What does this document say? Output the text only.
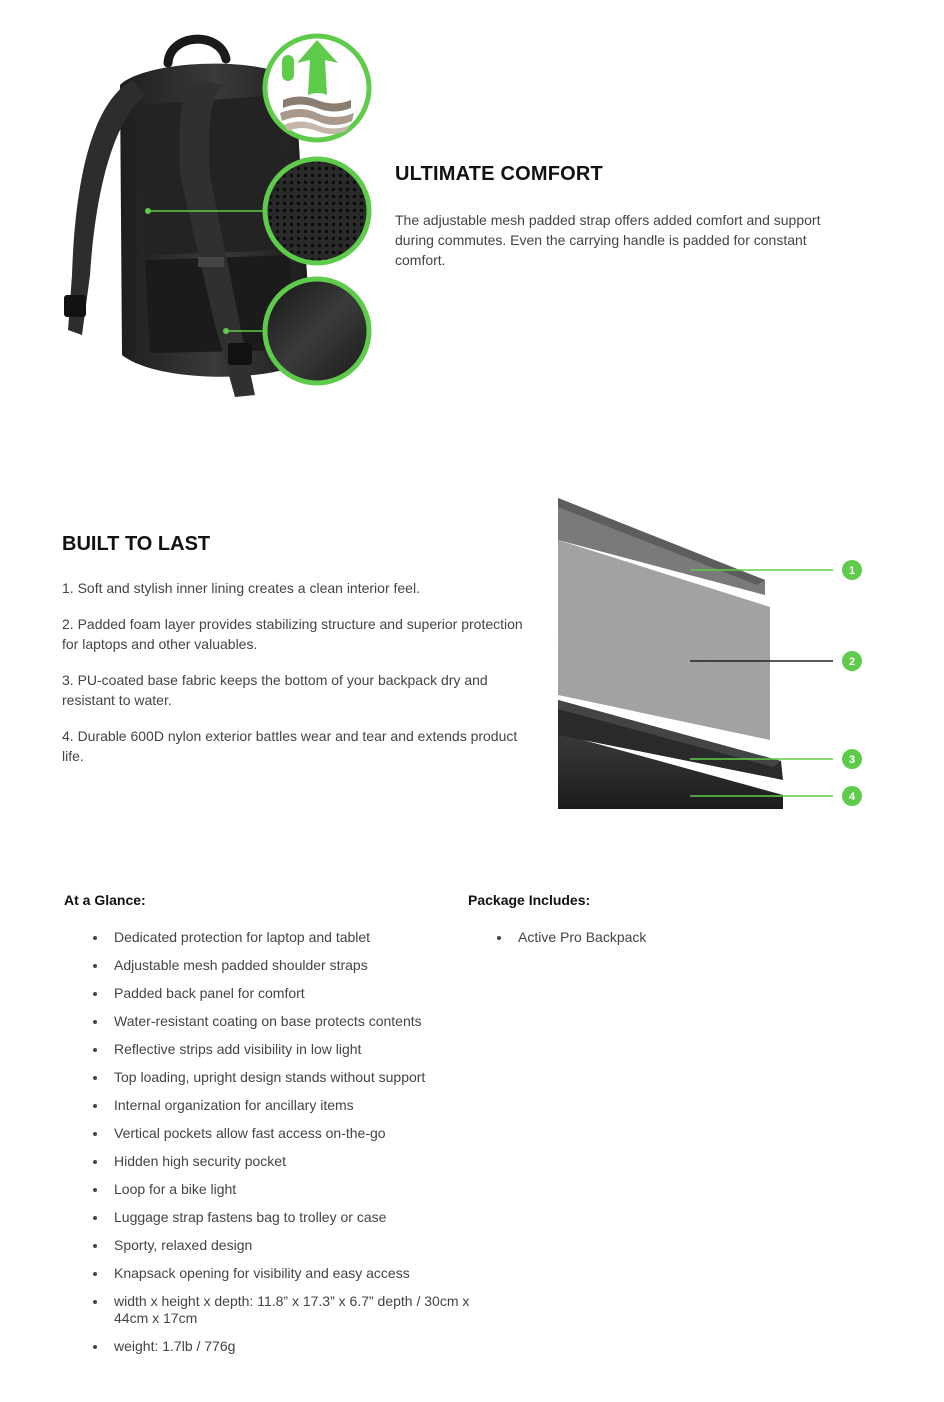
ULTIMATE COMFORT

The adjustable mesh padded strap offers added comfort and support during commutes. Even the carrying handle is padded for constant comfort.

BUILT TO LAST

1. Soft and stylish inner lining creates a clean interior feel.

2. Padded foam layer provides stabilizing structure and superior protection for laptops and other valuables.

3. PU-coated base fabric keeps the bottom of your backpack dry and resistant to water.

4. Durable 600D nylon exterior battles wear and tear and extends product life.

1
2
3
4
At a Glance:
Dedicated protection for laptop and tablet
Adjustable mesh padded shoulder straps
Padded back panel for comfort
Water-resistant coating on base protects contents
Reflective strips add visibility in low light
Top loading, upright design stands without support
Internal organization for ancillary items
Vertical pockets allow fast access on-the-go
Hidden high security pocket
Loop for a bike light
Luggage strap fastens bag to trolley or case
Sporty, relaxed design
Knapsack opening for visibility and easy access
width x height x depth: 11.8” x 17.3” x 6.7” depth / 30cm x 44cm x 17cm
weight: 1.7lb / 776g
Package Includes:
Active Pro Backpack
